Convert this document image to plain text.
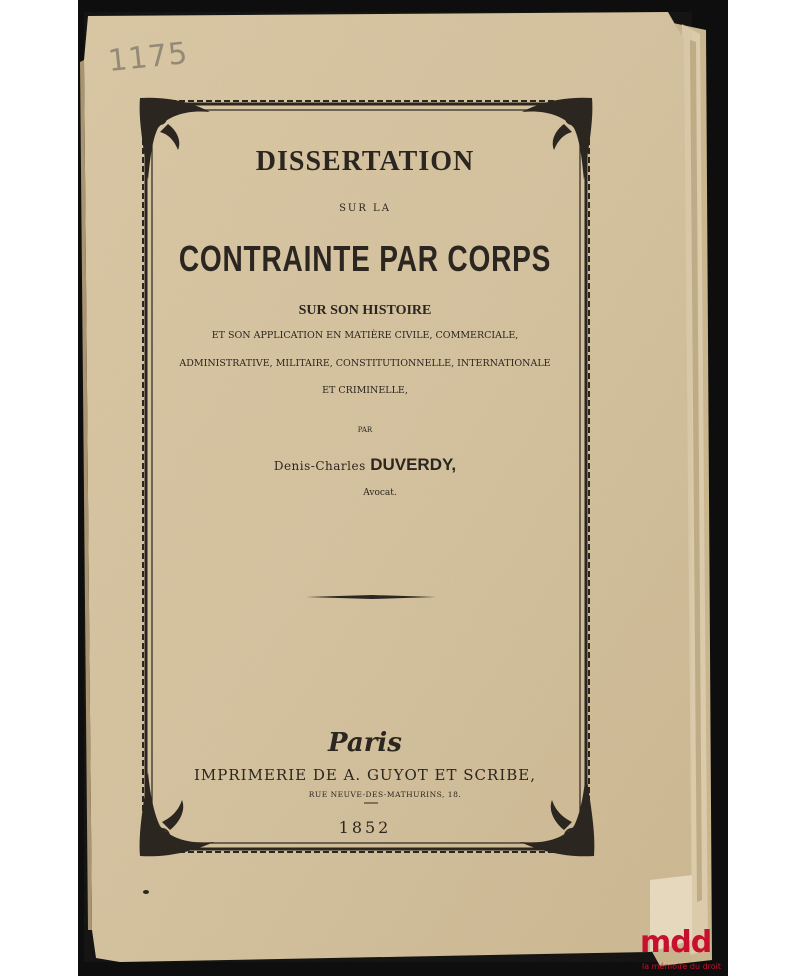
1175
DISSERTATION
SUR LA
CONTRAINTE PAR CORPS
SUR SON HISTOIRE
ET SON APPLICATION EN MATIÈRE CIVILE, COMMERCIALE,
ADMINISTRATIVE, MILITAIRE, CONSTITUTIONNELLE, INTERNATIONALE
ET CRIMINELLE,
PAR
Denis-Charles DUVERDY,
Avocat.
Paris
IMPRIMERIE DE A. GUYOT ET SCRIBE,
RUE NEUVE-DES-MATHURINS, 18.
1852
mdd
la mémoire du droit
